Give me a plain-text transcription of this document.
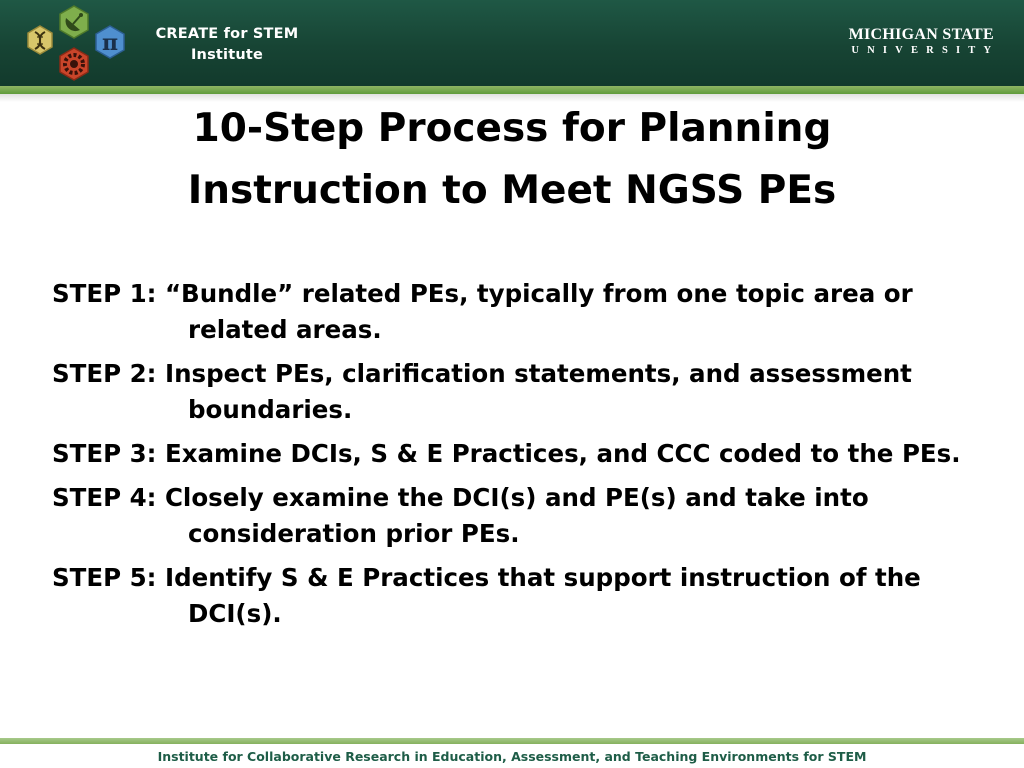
π	CREATE for STEM
Institute
MICHIGAN STATE
UNIVERSITY
10-Step Process for Planning
Instruction to Meet NGSS PEs

STEP 1: “Bundle” related PEs, typically from one topic area or related areas.

STEP 2: Inspect PEs, clarification statements, and assessment boundaries.

STEP 3: Examine DCIs, S & E Practices, and CCC coded to the PEs.

STEP 4: Closely examine the DCI(s) and PE(s) and take into consideration prior PEs.

STEP 5: Identify S & E Practices that support instruction of the DCI(s).

Institute for Collaborative Research in Education, Assessment, and Teaching Environments for STEM
